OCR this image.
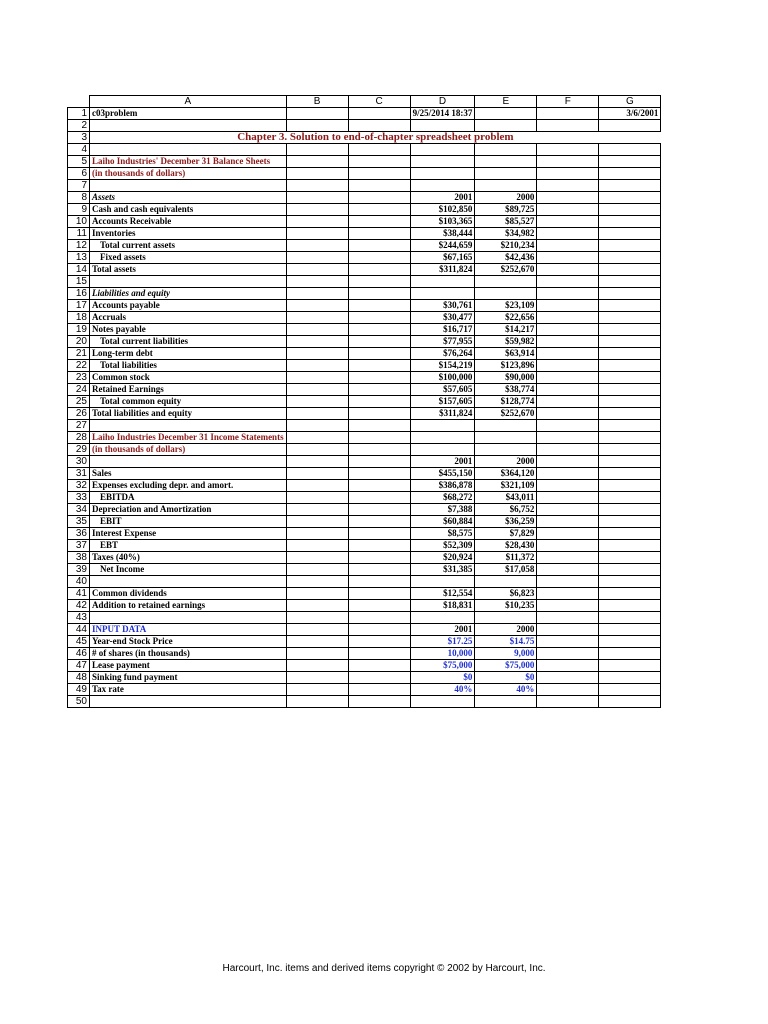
	A	B	C	D	E	F	G
1	c03problem			9/25/2014 18:37			3/6/2001
2							
3	Chapter 3. Solution to end-of-chapter spreadsheet problem						
4							
5	Laiho Industries' December 31 Balance Sheets						
6	(in thousands of dollars)						
7							
8	Assets			2001	2000		
9	Cash and cash equivalents			$102,850	$89,725		
10	Accounts Receivable			$103,365	$85,527		
11	Inventories			$38,444	$34,982		
12	Total current assets			$244,659	$210,234		
13	Fixed assets			$67,165	$42,436		
14	Total assets			$311,824	$252,670		
15							
16	Liabilities and equity						
17	Accounts payable			$30,761	$23,109		
18	Accruals			$30,477	$22,656		
19	Notes payable			$16,717	$14,217		
20	Total current liabilities			$77,955	$59,982		
21	Long-term debt			$76,264	$63,914		
22	Total liabilities			$154,219	$123,896		
23	Common stock			$100,000	$90,000		
24	Retained Earnings			$57,605	$38,774		
25	Total common equity			$157,605	$128,774		
26	Total liabilities and equity			$311,824	$252,670		
27							
28	Laiho Industries December 31 Income Statements						
29	(in thousands of dollars)						
30				2001	2000		
31	Sales			$455,150	$364,120		
32	Expenses excluding depr. and amort.			$386,878	$321,109		
33	EBITDA			$68,272	$43,011		
34	Depreciation and Amortization			$7,388	$6,752		
35	EBIT			$60,884	$36,259		
36	Interest Expense			$8,575	$7,829		
37	EBT			$52,309	$28,430		
38	Taxes (40%)			$20,924	$11,372		
39	Net Income			$31,385	$17,058		
40							
41	Common dividends			$12,554	$6,823		
42	Addition to retained earnings			$18,831	$10,235		
43							
44	INPUT DATA			2001	2000		
45	Year-end Stock Price			$17.25	$14.75		
46	# of shares (in thousands)			10,000	9,000		
47	Lease payment			$75,000	$75,000		
48	Sinking fund payment			$0	$0		
49	Tax rate			40%	40%		
50							
Harcourt, Inc. items and derived items copyright © 2002 by Harcourt, Inc.
